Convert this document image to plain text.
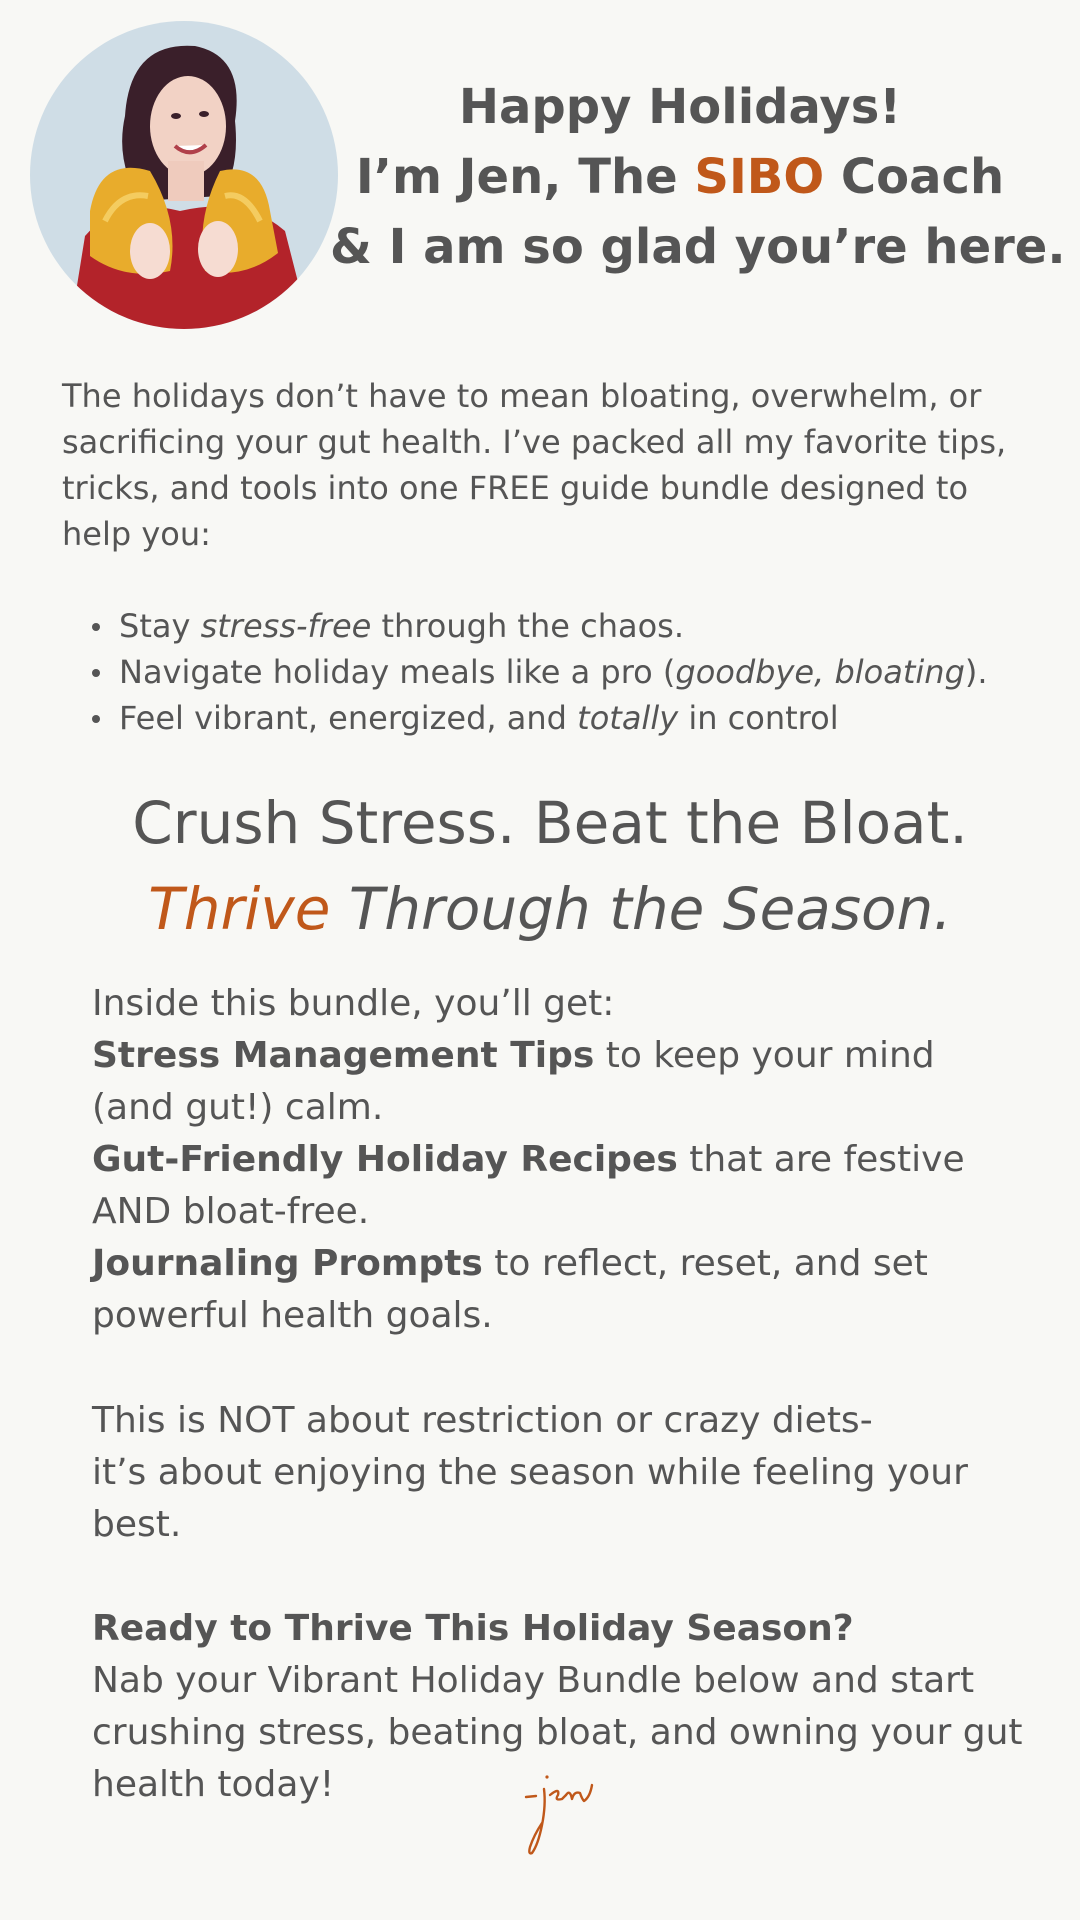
Happy Holidays!
I’m Jen, The SIBO Coach
& I am so glad you’re here.

The holidays don’t have to mean bloating, overwhelm, or sacrificing your gut health. I’ve packed all my favorite tips, tricks, and tools into one FREE guide bundle designed to help you:

Stay stress-free through the chaos.
Navigate holiday meals like a pro (goodbye, bloating).
Feel vibrant, energized, and totally in control
Crush Stress. Beat the Bloat.
Thrive Through the Season.
Inside this bundle, you’ll get:
Stress Management Tips to keep your mind (and gut!) calm.
Gut-Friendly Holiday Recipes that are festive AND bloat-free.
Journaling Prompts to reflect, reset, and set powerful health goals.
This is NOT about restriction or crazy diets-
it’s about enjoying the season while feeling your best.
Ready to Thrive This Holiday Season?
Nab your Vibrant Holiday Bundle below and start crushing stress, beating bloat, and owning your gut health today!
